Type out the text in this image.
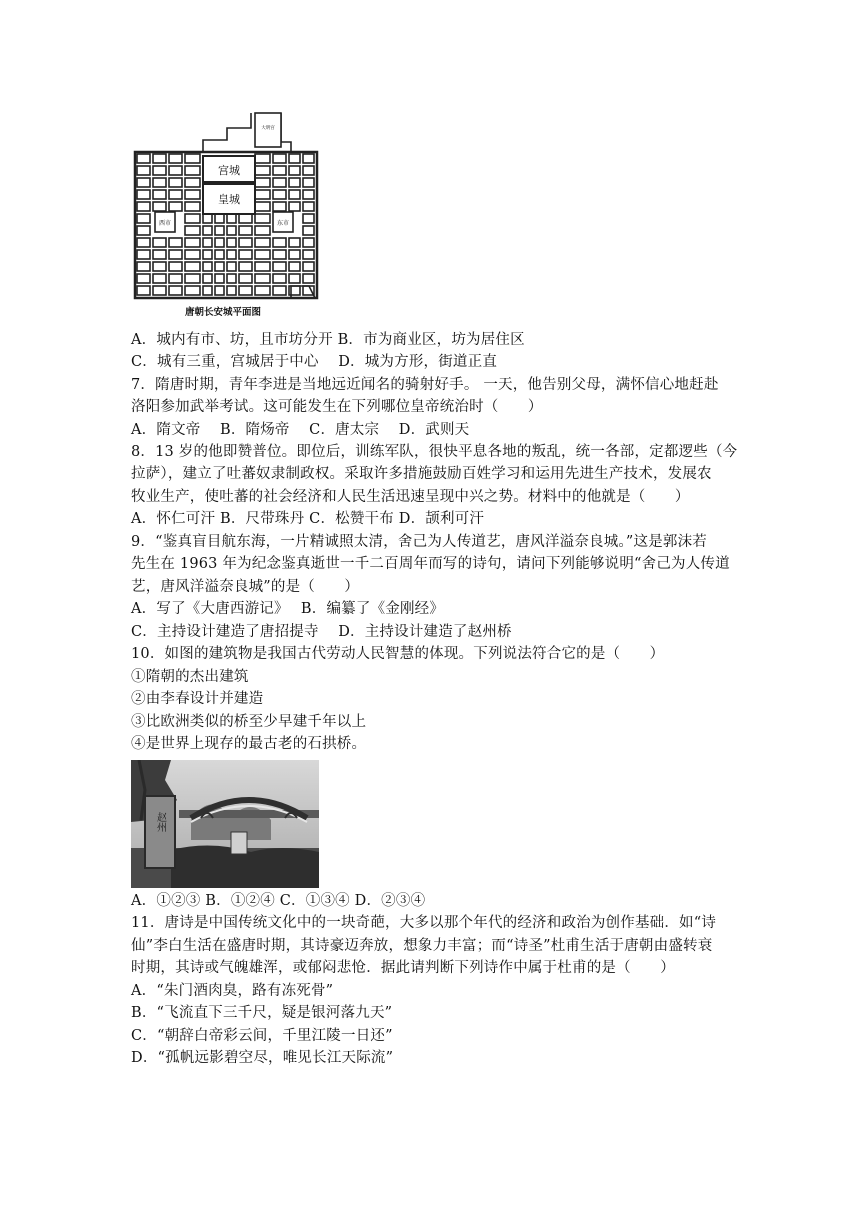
宫城
皇城
大明宫
西市	东市
唐朝长安城平面图
A．城内有市、坊，且市坊分开 B．市为商业区，坊为居住区
C．城有三重，宫城居于中心　 D．城为方形，街道正直
7．隋唐时期，青年李进是当地远近闻名的骑射好手。 一天，他告别父母，满怀信心地赶赴
洛阳参加武举考试。这可能发生在下列哪位皇帝统治时（　　）
A．隋文帝　 B．隋炀帝　 C．唐太宗　 D．武则天
8．13 岁的他即赞普位。即位后，训练军队，很快平息各地的叛乱，统一各部，定都逻些（今
拉萨），建立了吐蕃奴隶制政权。采取许多措施鼓励百姓学习和运用先进生产技术，发展农
牧业生产，使吐蕃的社会经济和人民生活迅速呈现中兴之势。材料中的他就是（　　）
A．怀仁可汗 B．尺带珠丹 C．松赞干布 D．颉利可汗
9．“鉴真盲目航东海，一片精诚照太清，舍己为人传道艺，唐风洋溢奈良城。”这是郭沫若
先生在 1963 年为纪念鉴真逝世一千二百周年而写的诗句，请问下列能够说明“舍己为人传道
艺，唐风洋溢奈良城”的是（　　）
A．写了《大唐西游记》　 B．编纂了《金刚经》
C．主持设计建造了唐招提寺　 D．主持设计建造了赵州桥
10．如图的建筑物是我国古代劳动人民智慧的体现。下列说法符合它的是（　　）
①隋朝的杰出建筑
②由李春设计并建造
③比欧洲类似的桥至少早建千年以上
④是世界上现存的最古老的石拱桥。
赵州
A．①②③ B．①②④ C．①③④ D．②③④
11．唐诗是中国传统文化中的一块奇葩，大多以那个年代的经济和政治为创作基础．如“诗
仙”李白生活在盛唐时期，其诗豪迈奔放，想象力丰富；而“诗圣”杜甫生活于唐朝由盛转衰
时期，其诗或气魄雄浑，或郁闷悲怆．据此请判断下列诗作中属于杜甫的是（　　）
A．“朱门酒肉臭，路有冻死骨”
B．“飞流直下三千尺，疑是银河落九天”
C．“朝辞白帝彩云间，千里江陵一日还”
D．“孤帆远影碧空尽，唯见长江天际流”
